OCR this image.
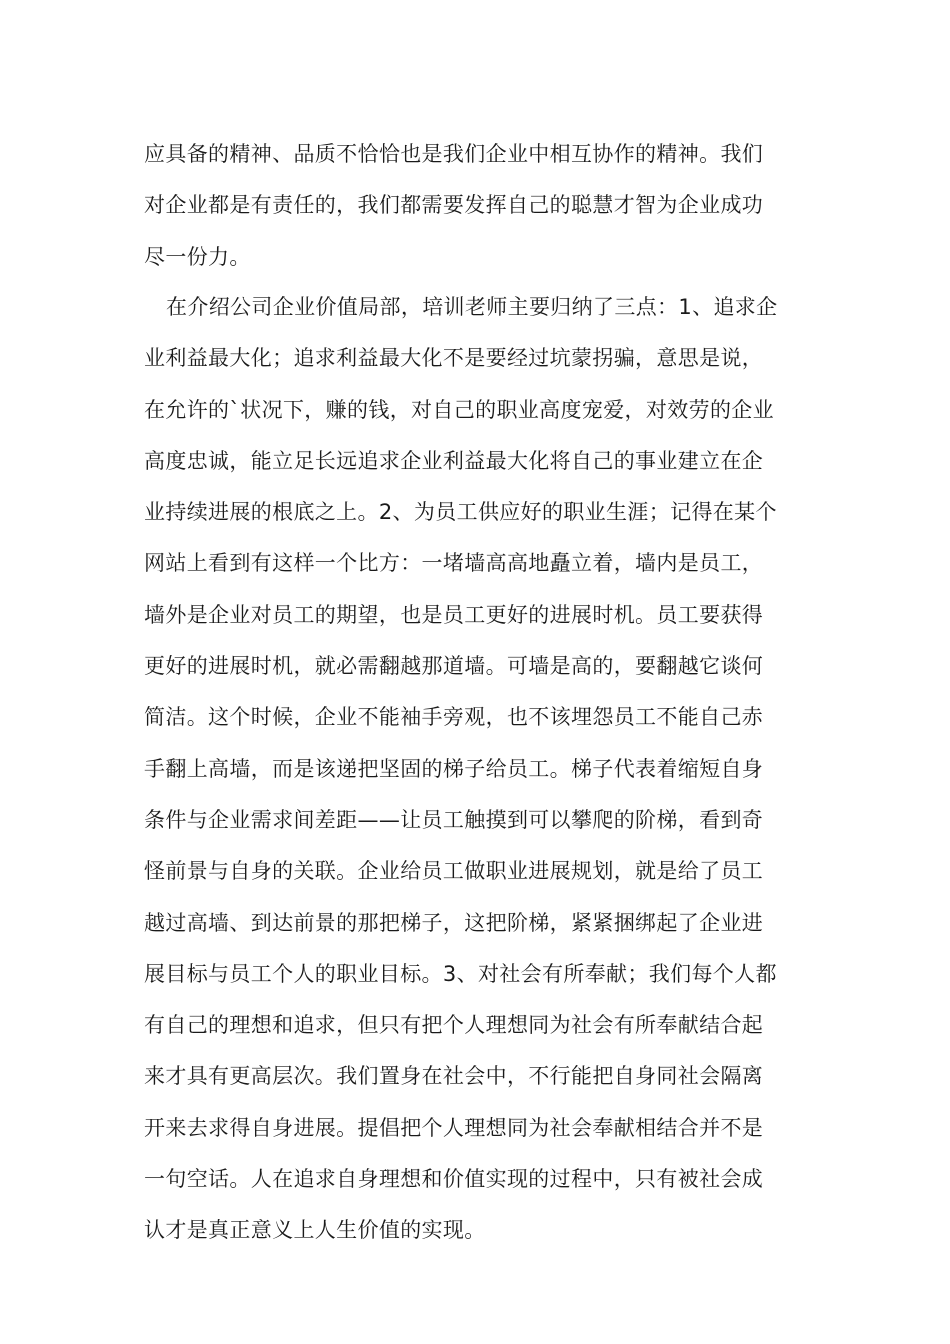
应具备的精神、品质不恰恰也是我们企业中相互协作的精神。我们
对企业都是有责任的，我们都需要发挥自己的聪慧才智为企业成功
尽一份力。
在介绍公司企业价值局部，培训老师主要归纳了三点：1、追求企
业利益最大化；追求利益最大化不是要经过坑蒙拐骗，意思是说，
在允许的`状况下，赚的钱，对自己的职业高度宠爱，对效劳的企业
高度忠诚，能立足长远追求企业利益最大化将自己的事业建立在企
业持续进展的根底之上。2、为员工供应好的职业生涯；记得在某个
网站上看到有这样一个比方：一堵墙高高地矗立着，墙内是员工，
墙外是企业对员工的期望，也是员工更好的进展时机。员工要获得
更好的进展时机，就必需翻越那道墙。可墙是高的，要翻越它谈何
简洁。这个时候，企业不能袖手旁观，也不该埋怨员工不能自己赤
手翻上高墙，而是该递把坚固的梯子给员工。梯子代表着缩短自身
条件与企业需求间差距——让员工触摸到可以攀爬的阶梯，看到奇
怪前景与自身的关联。企业给员工做职业进展规划，就是给了员工
越过高墙、到达前景的那把梯子，这把阶梯，紧紧捆绑起了企业进
展目标与员工个人的职业目标。3、对社会有所奉献；我们每个人都
有自己的理想和追求，但只有把个人理想同为社会有所奉献结合起
来才具有更高层次。我们置身在社会中，不行能把自身同社会隔离
开来去求得自身进展。提倡把个人理想同为社会奉献相结合并不是
一句空话。人在追求自身理想和价值实现的过程中，只有被社会成
认才是真正意义上人生价值的实现。
